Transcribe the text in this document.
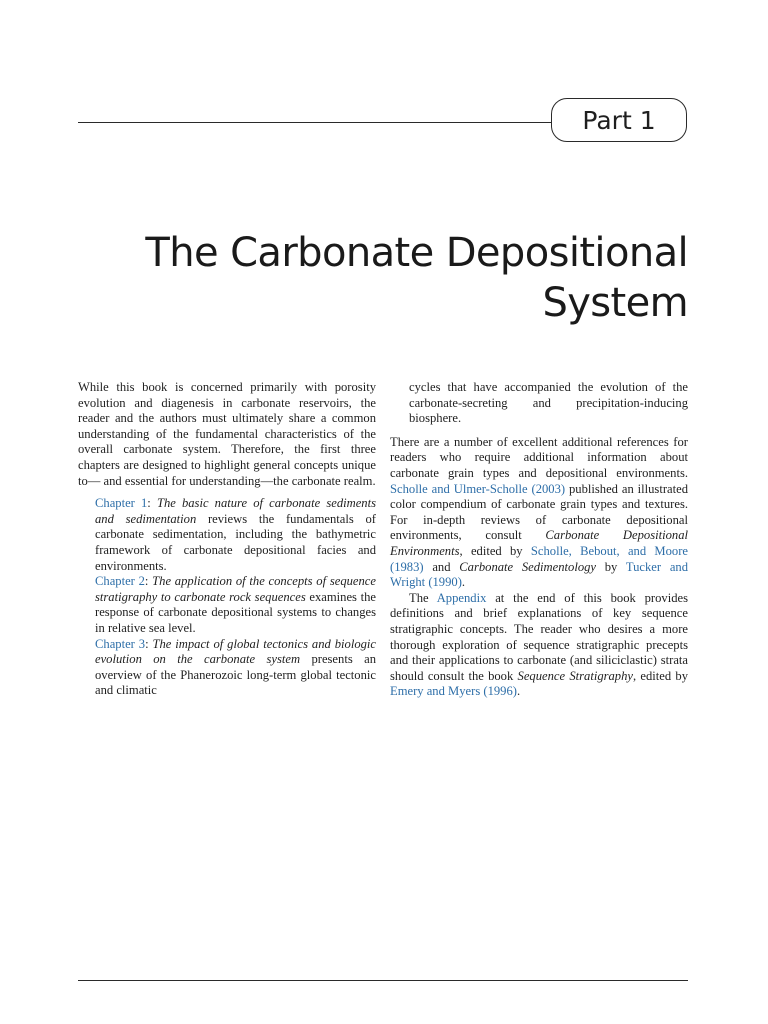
Part 1
The Carbonate Depositional
System

While this book is concerned primarily with porosity evolution and diagenesis in carbonate reservoirs, the reader and the authors must ultimately share a common understanding of the fundamental characteristics of the overall carbonate system. Therefore, the first three chapters are designed to highlight general concepts unique to— and essential for understanding—the carbonate realm.

Chapter 1: The basic nature of carbonate sediments and sedimentation reviews the fundamentals of carbonate sedimentation, including the bathymetric framework of carbonate depositional facies and environments.

Chapter 2: The application of the concepts of sequence stratigraphy to carbonate rock sequences examines the response of carbonate depositional systems to changes in relative sea level.

Chapter 3: The impact of global tectonics and biologic evolution on the carbonate system presents an overview of the Phanerozoic long-term global tectonic and climatic

cycles that have accompanied the evolution of the carbonate-secreting and precipitation-inducing biosphere.

There are a number of excellent additional references for readers who require additional information about carbonate grain types and depositional environments. Scholle and Ulmer-Scholle (2003) published an illustrated color compendium of carbonate grain types and textures. For in-depth reviews of carbonate depositional environments, consult Carbonate Depositional Environments, edited by Scholle, Bebout, and Moore (1983) and Carbonate Sedimentology by Tucker and Wright (1990).

The Appendix at the end of this book provides definitions and brief explanations of key sequence stratigraphic concepts. The reader who desires a more thorough exploration of sequence stratigraphic precepts and their applications to carbonate (and siliciclastic) strata should consult the book Sequence Stratigraphy, edited by Emery and Myers (1996).
